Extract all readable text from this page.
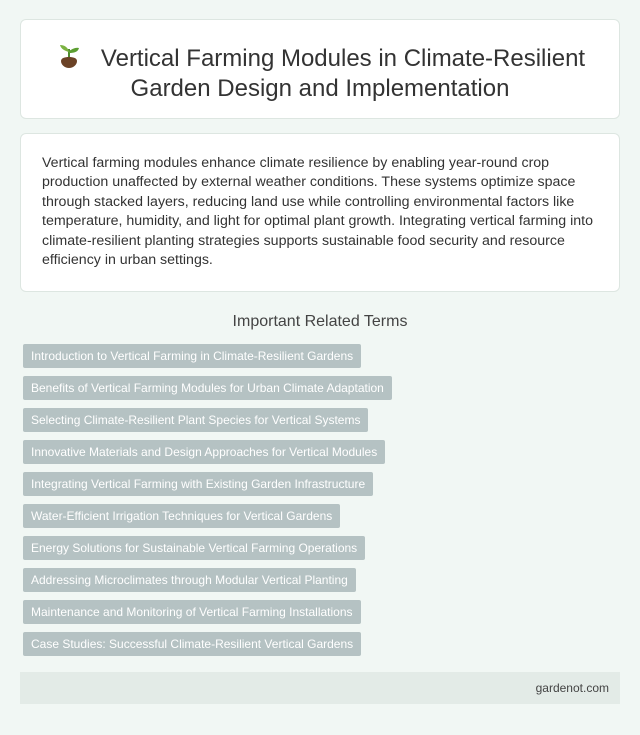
Vertical Farming Modules in Climate-Resilient
Garden Design and Implementation

Vertical farming modules enhance climate resilience by enabling year-round crop production unaffected by external weather conditions. These systems optimize space through stacked layers, reducing land use while controlling environmental factors like temperature, humidity, and light for optimal plant growth. Integrating vertical farming into climate-resilient planting strategies supports sustainable food security and resource efficiency in urban settings.

Important Related Terms
Introduction to Vertical Farming in Climate-Resilient Gardens
Benefits of Vertical Farming Modules for Urban Climate Adaptation
Selecting Climate-Resilient Plant Species for Vertical Systems
Innovative Materials and Design Approaches for Vertical Modules
Integrating Vertical Farming with Existing Garden Infrastructure
Water-Efficient Irrigation Techniques for Vertical Gardens
Energy Solutions for Sustainable Vertical Farming Operations
Addressing Microclimates through Modular Vertical Planting
Maintenance and Monitoring of Vertical Farming Installations
Case Studies: Successful Climate-Resilient Vertical Gardens
gardenot.com
